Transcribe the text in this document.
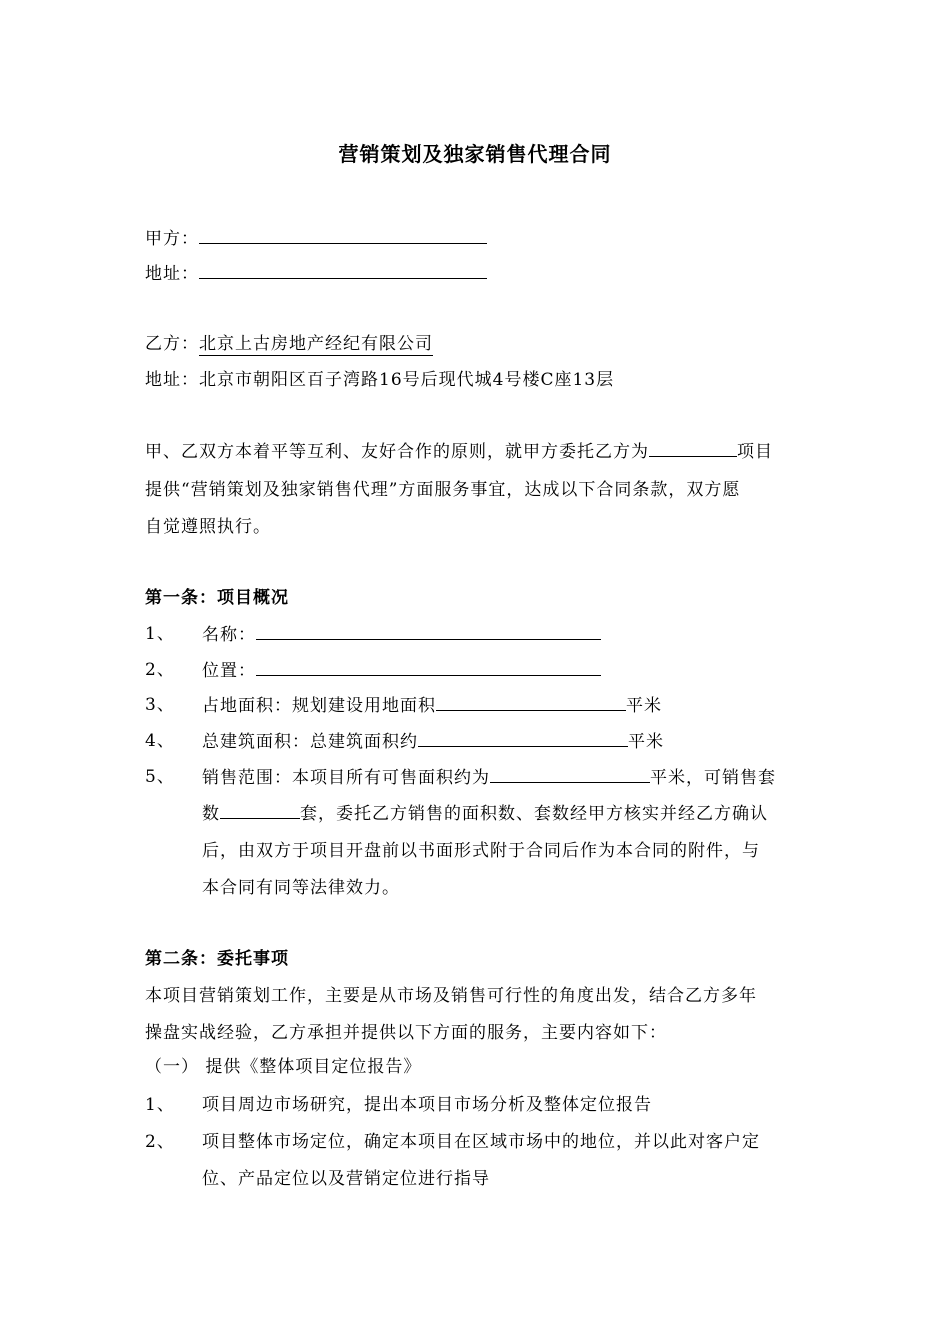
营销策划及独家销售代理合同
甲方：
地址：
乙方：北京上古房地产经纪有限公司
地址：北京市朝阳区百子湾路16号后现代城4号楼C座13层
甲、乙双方本着平等互利、友好合作的原则，就甲方委托乙方为	项目
提供“营销策划及独家销售代理”方面服务事宜，达成以下合同条款，双方愿
自觉遵照执行。
第一条：项目概况
1、 名称：
2、 位置：
3、 占地面积：规划建设用地面积	平米
4、 总建筑面积：总建筑面积约	平米
5、 销售范围：本项目所有可售面积约为	平米，可销售套
数	套，委托乙方销售的面积数、套数经甲方核实并经乙方确认
后，由双方于项目开盘前以书面形式附于合同后作为本合同的附件，与
本合同有同等法律效力。
第二条：委托事项
本项目营销策划工作，主要是从市场及销售可行性的角度出发，结合乙方多年
操盘实战经验，乙方承担并提供以下方面的服务，主要内容如下：
（一） 提供《整体项目定位报告》
1、 项目周边市场研究，提出本项目市场分析及整体定位报告
2、 项目整体市场定位，确定本项目在区域市场中的地位，并以此对客户定
位、产品定位以及营销定位进行指导
